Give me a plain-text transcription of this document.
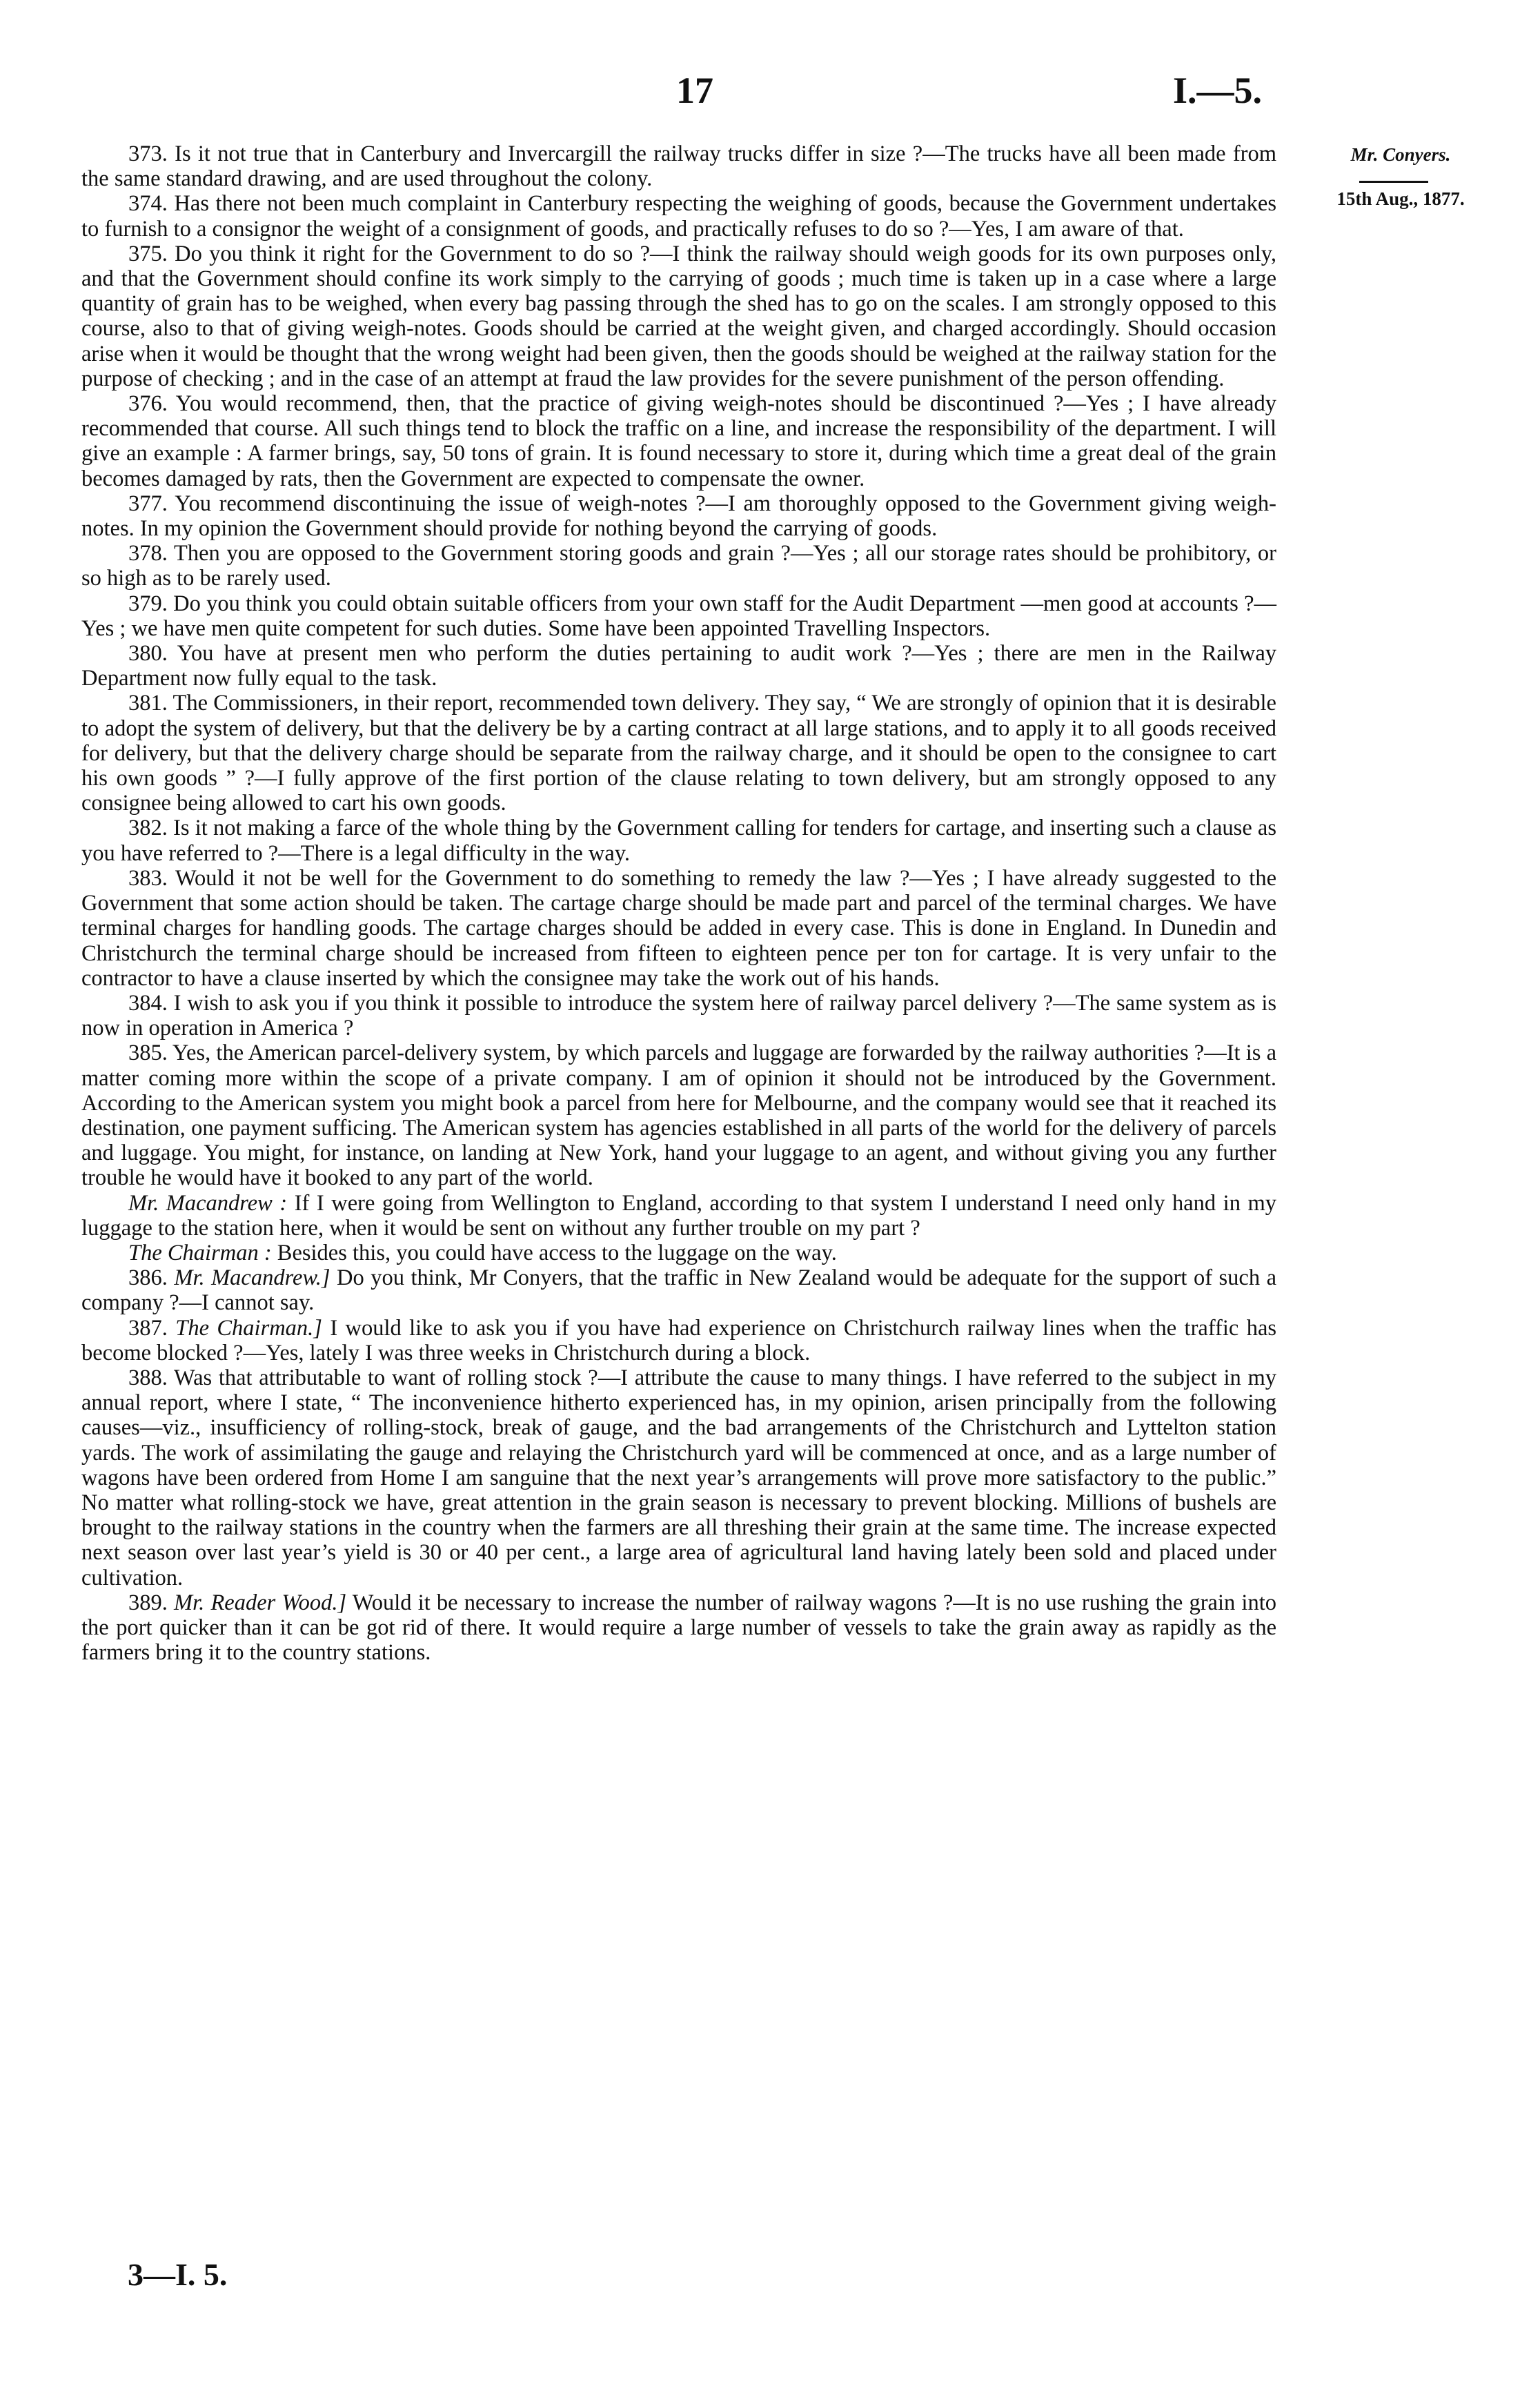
17	I.—5.
Mr. Conyers.
15th Aug., 1877.

373. Is it not true that in Canterbury and Invercargill the railway trucks differ in size ?—The trucks have all been made from the same standard drawing, and are used throughout the colony.

374. Has there not been much complaint in Canterbury respecting the weighing of goods, because the Government undertakes to furnish to a consignor the weight of a consignment of goods, and practically refuses to do so ?—Yes, I am aware of that.

375. Do you think it right for the Government to do so ?—I think the railway should weigh goods for its own purposes only, and that the Government should confine its work simply to the carrying of goods ; much time is taken up in a case where a large quantity of grain has to be weighed, when every bag passing through the shed has to go on the scales. I am strongly opposed to this course, also to that of giving weigh-notes. Goods should be carried at the weight given, and charged accordingly. Should occasion arise when it would be thought that the wrong weight had been given, then the goods should be weighed at the railway station for the purpose of checking ; and in the case of an attempt at fraud the law provides for the severe punishment of the person offending.

376. You would recommend, then, that the practice of giving weigh-notes should be discontinued ?—Yes ; I have already recommended that course. All such things tend to block the traffic on a line, and increase the responsibility of the department. I will give an example : A farmer brings, say, 50 tons of grain. It is found necessary to store it, during which time a great deal of the grain becomes damaged by rats, then the Government are expected to compensate the owner.

377. You recommend discontinuing the issue of weigh-notes ?—I am thoroughly opposed to the Government giving weigh-notes. In my opinion the Government should provide for nothing beyond the carrying of goods.

378. Then you are opposed to the Government storing goods and grain ?—Yes ; all our storage rates should be prohibitory, or so high as to be rarely used.

379. Do you think you could obtain suitable officers from your own staff for the Audit Department —men good at accounts ?—Yes ; we have men quite competent for such duties. Some have been appointed Travelling Inspectors.

380. You have at present men who perform the duties pertaining to audit work ?—Yes ; there are men in the Railway Department now fully equal to the task.

381. The Commissioners, in their report, recommended town delivery. They say, “ We are strongly of opinion that it is desirable to adopt the system of delivery, but that the delivery be by a carting contract at all large stations, and to apply it to all goods received for delivery, but that the delivery charge should be separate from the railway charge, and it should be open to the consignee to cart his own goods ” ?—I fully approve of the first portion of the clause relating to town delivery, but am strongly opposed to any consignee being allowed to cart his own goods.

382. Is it not making a farce of the whole thing by the Government calling for tenders for cartage, and inserting such a clause as you have referred to ?—There is a legal difficulty in the way.

383. Would it not be well for the Government to do something to remedy the law ?—Yes ; I have already suggested to the Government that some action should be taken. The cartage charge should be made part and parcel of the terminal charges. We have terminal charges for handling goods. The cartage charges should be added in every case. This is done in England. In Dunedin and Christchurch the terminal charge should be increased from fifteen to eighteen pence per ton for cartage. It is very unfair to the contractor to have a clause inserted by which the consignee may take the work out of his hands.

384. I wish to ask you if you think it possible to introduce the system here of railway parcel delivery ?—The same system as is now in operation in America ?

385. Yes, the American parcel-delivery system, by which parcels and luggage are forwarded by the railway authorities ?—It is a matter coming more within the scope of a private company. I am of opinion it should not be introduced by the Government. According to the American system you might book a parcel from here for Melbourne, and the company would see that it reached its destination, one payment sufficing. The American system has agencies established in all parts of the world for the delivery of parcels and luggage. You might, for instance, on landing at New York, hand your luggage to an agent, and without giving you any further trouble he would have it booked to any part of the world.

Mr. Macandrew : If I were going from Wellington to England, according to that system I understand I need only hand in my luggage to the station here, when it would be sent on without any further trouble on my part ?

The Chairman : Besides this, you could have access to the luggage on the way.

386. Mr. Macandrew.] Do you think, Mr Conyers, that the traffic in New Zealand would be adequate for the support of such a company ?—I cannot say.

387. The Chairman.] I would like to ask you if you have had experience on Christchurch railway lines when the traffic has become blocked ?—Yes, lately I was three weeks in Christchurch during a block.

388. Was that attributable to want of rolling stock ?—I attribute the cause to many things. I have referred to the subject in my annual report, where I state, “ The inconvenience hitherto experienced has, in my opinion, arisen principally from the following causes—viz., insufficiency of rolling-stock, break of gauge, and the bad arrangements of the Christchurch and Lyttelton station yards. The work of assimilating the gauge and relaying the Christchurch yard will be commenced at once, and as a large number of wagons have been ordered from Home I am sanguine that the next year’s arrangements will prove more satisfactory to the public.” No matter what rolling-stock we have, great attention in the grain season is necessary to prevent blocking. Millions of bushels are brought to the railway stations in the country when the farmers are all threshing their grain at the same time. The increase expected next season over last year’s yield is 30 or 40 per cent., a large area of agricultural land having lately been sold and placed under cultivation.

389. Mr. Reader Wood.] Would it be necessary to increase the number of railway wagons ?—It is no use rushing the grain into the port quicker than it can be got rid of there. It would require a large number of vessels to take the grain away as rapidly as the farmers bring it to the country stations.

3—I. 5.
